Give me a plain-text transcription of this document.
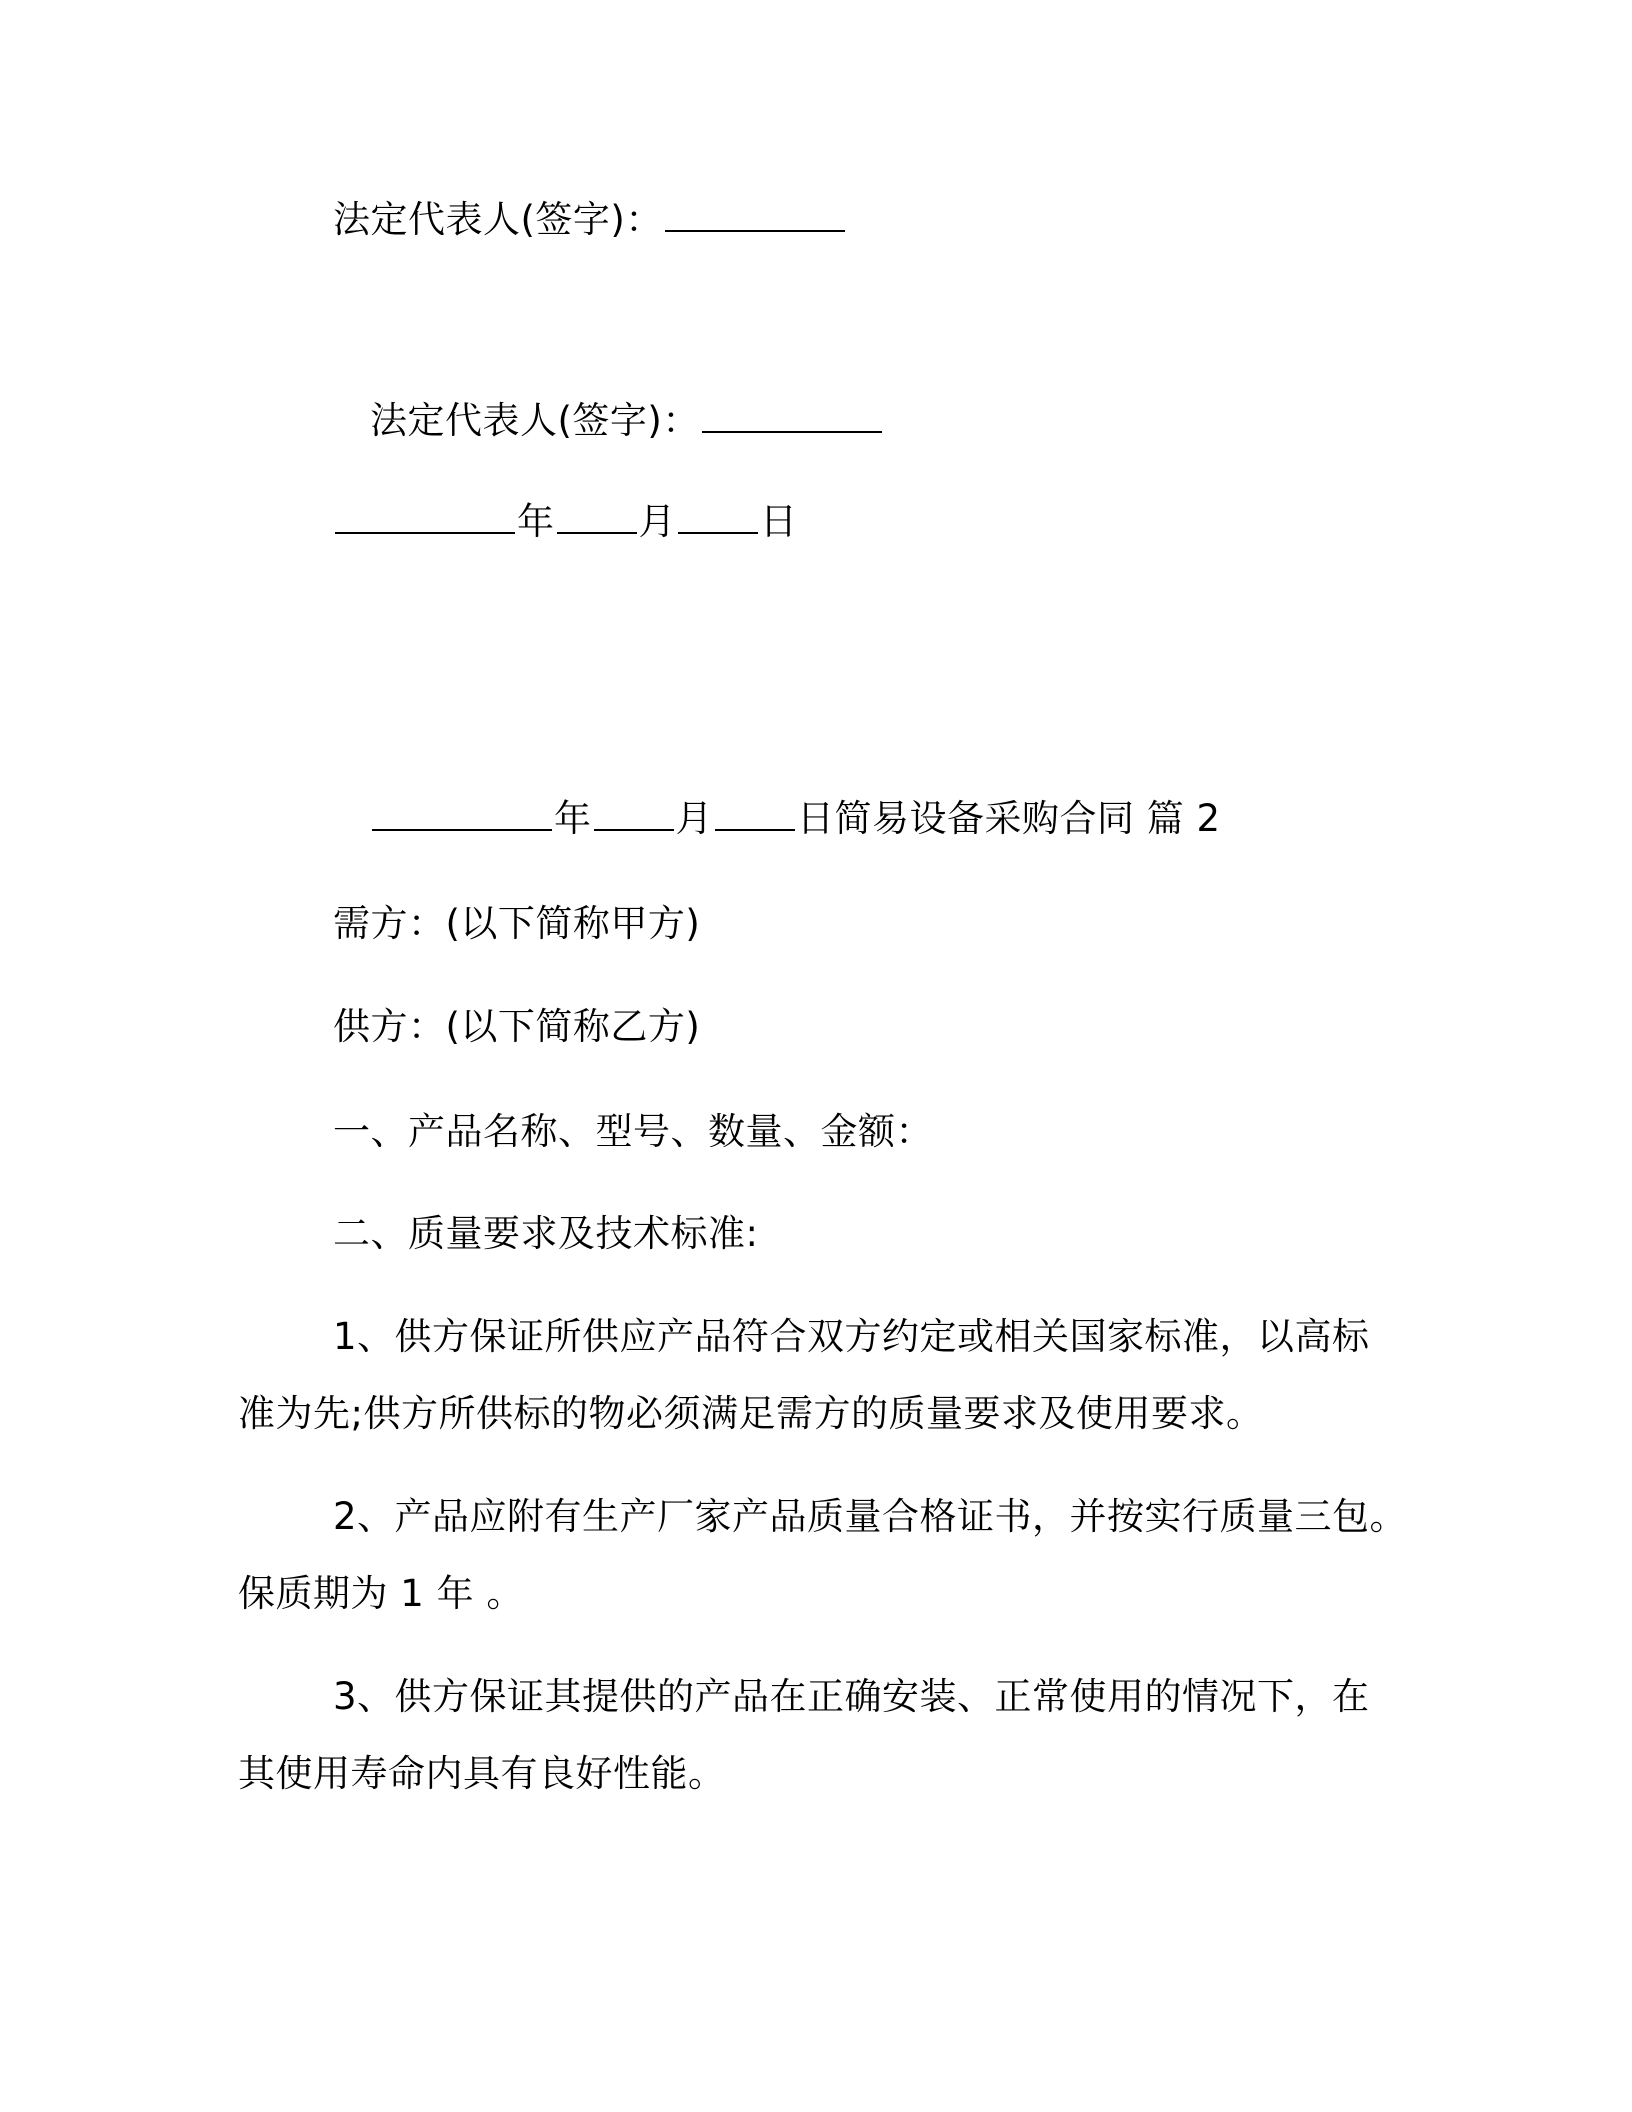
法定代表人(签字)：
法定代表人(签字)：
年 月 日
年 月 日简易设备采购合同 篇 2
需方：(以下简称甲方)
供方：(以下简称乙方)
一、产品名称、型号、数量、金额：
二、质量要求及技术标准:
1、供方保证所供应产品符合双方约定或相关国家标准，以高标
准为先;供方所供标的物必须满足需方的质量要求及使用要求。
2、产品应附有生产厂家产品质量合格证书，并按实行质量三包。
保质期为 1 年 。
3、供方保证其提供的产品在正确安装、正常使用的情况下，在
其使用寿命内具有良好性能。
